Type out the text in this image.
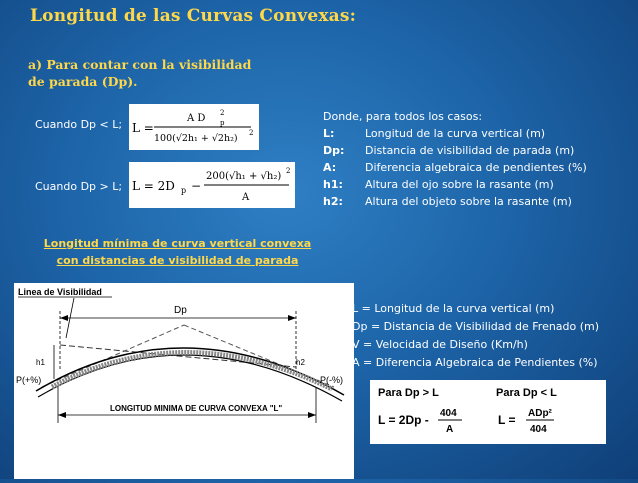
Longitud de las Curvas Convexas:
a) Para contar con la visibilidad de parada (Dp).
Cuando Dp < L;
Cuando Dp > L;
L =
A D 2
p
100(√2h₁ + √2h₂) 2
L = 2D p −
200(√h₁ + √h₂) 2
A
Donde, para todos los casos:
L:	Longitud de la curva vertical (m)
Dp: Distancia de visibilidad de parada (m)
A:	Diferencia algebraica de pendientes (%)
h1: Altura del ojo sobre la rasante (m)
h2: Altura del objeto sobre la rasante (m)
Longitud mínima de curva vertical convexa con distancias de visibilidad de parada
Linea de Visibilidad
Dp
h1	h2
P(+%)	P(-%)
LONGITUD MINIMA DE CURVA CONVEXA "L"
L = Longitud de la curva vertical (m)
Dp = Distancia de Visibilidad de Frenado (m)
V = Velocidad de Diseño (Km/h)
A = Diferencia Algebraica de Pendientes (%)
Para Dp > L
L = 2Dp - 404
A
Para Dp < L
L = ADp²
404
